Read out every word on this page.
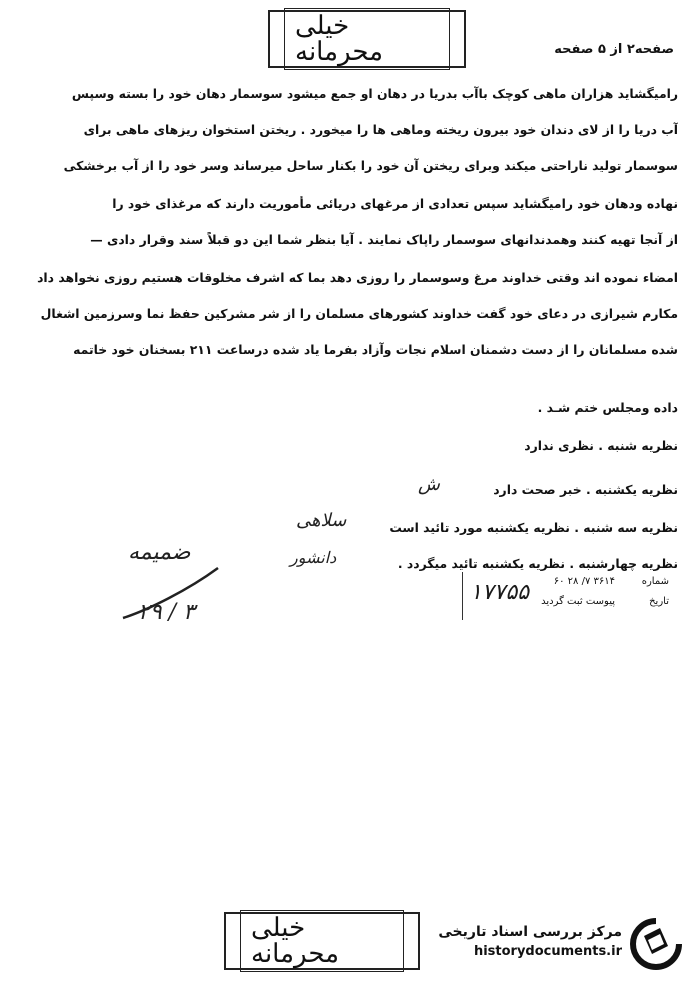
خیلی محرمانه	صفحه۲ از ۵ صفحه
رامیگشاید هزاران ماهی کوچک باآب بدریا در دهان او جمع میشود سوسمار دهان خود را بسته وسپس
آب دریا را از لای دندان خود بیرون ریخته وماهی ها را میخورد . ریختن استخوان ریزهای ماهی برای
سوسمار تولید ناراحتی میکند وبرای ریختن آن خود را بکنار ساحل میرساند وسر خود را از آب برخشکی
نهاده ودهان خود رامیگشاید سپس تعدادی از مرغهای دریائی مأموریت دارند که مرغذای خود را
از آنجا تهیه کنند وهمدندانهای سوسمار راپاک نمایند . آیا بنظر شما این دو قبلاً سند وقرار دادی —
امضاء نموده اند وقتی خداوند مرغ وسوسمار را روزی دهد بما که اشرف مخلوقات هستیم روزی نخواهد داد
مکارم شیرازی در دعای خود گفت خداوند کشورهای مسلمان را از شر مشرکین حفظ نما وسرزمین اشغال
شده مسلمانان را از دست دشمنان اسلام نجات وآزاد بفرما یاد شده درساعت ۲۱۱ بسخنان خود خاتمه
داده ومجلس ختم شـد .
نظریه شنبه . نظری ندارد
نظریه یکشنبه . خبر صحت دارد
نظریه سه شنبه . نظریه یکشنبه مورد تائید است
نظریه چهارشنبه . نظریه یکشنبه تائید میگردد .
ش
سلاهی
دانشور
ضمیمه
۲۹ / ۳
شماره
۳۶۱۴ ۷/ ۲۸ ۶۰
تاریخ
پیوست ثبت گردید
۱۷۷۵۵
خیلی محرمانه
مرکز بررسی اسناد تاریخی
historydocuments.ir
